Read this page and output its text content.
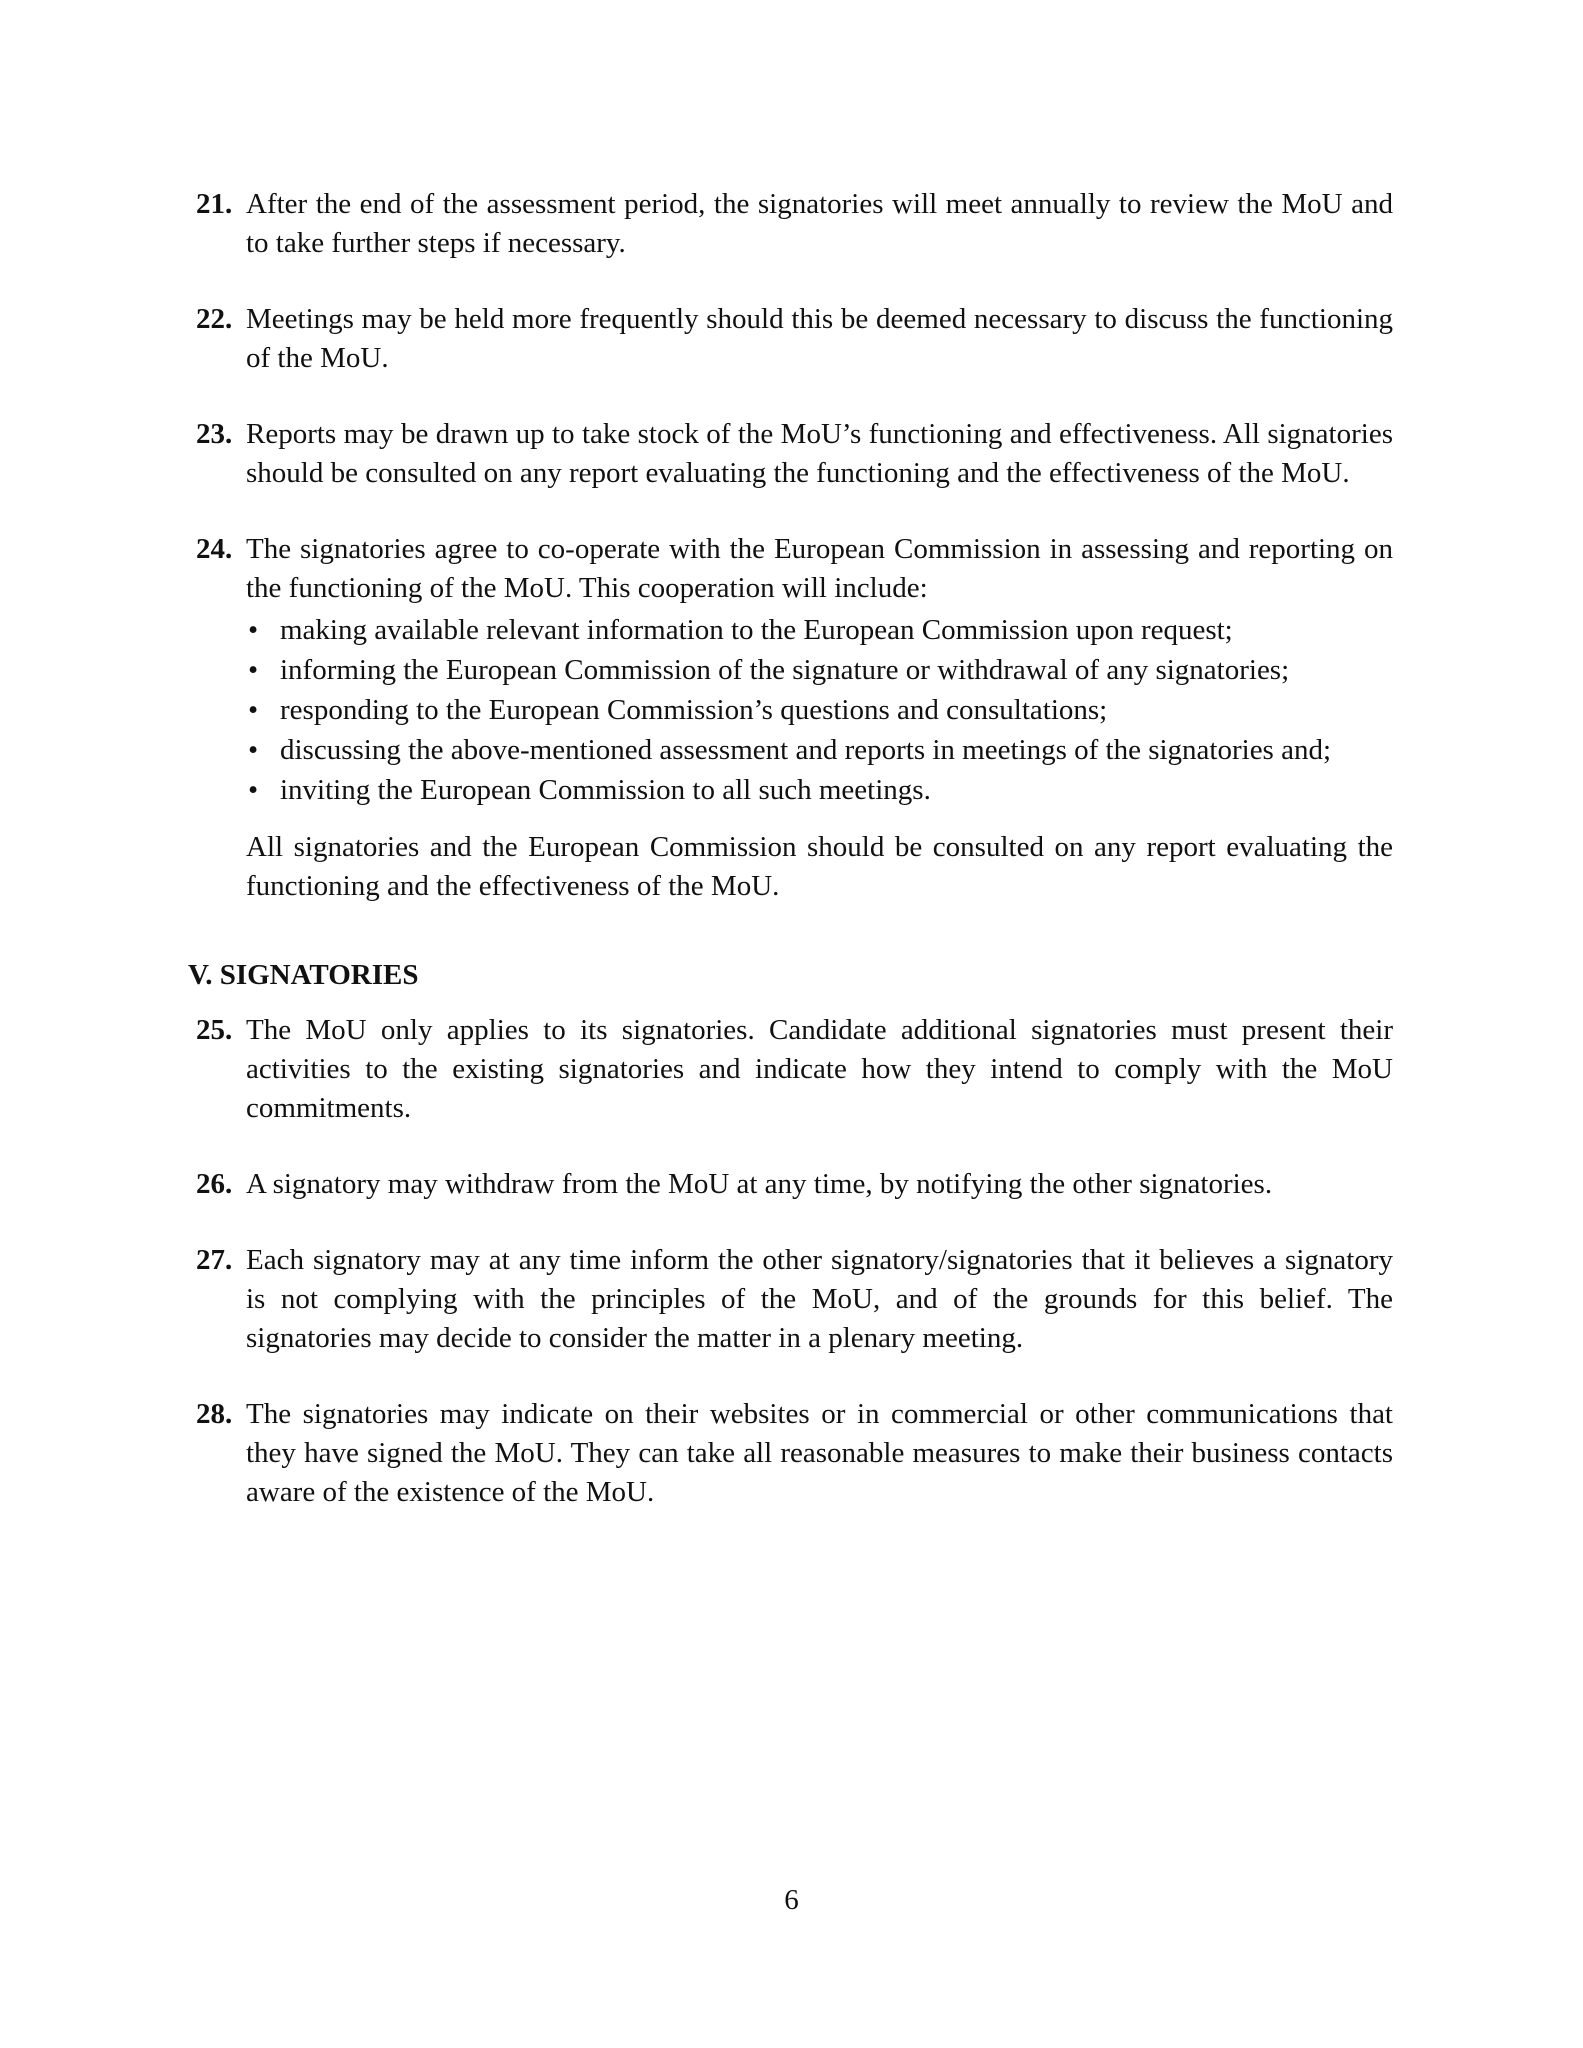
21. After the end of the assessment period, the signatories will meet annually to review the MoU and to take further steps if necessary.

22. Meetings may be held more frequently should this be deemed necessary to discuss the functioning of the MoU.

23. Reports may be drawn up to take stock of the MoU’s functioning and effectiveness. All signatories should be consulted on any report evaluating the functioning and the effectiveness of the MoU.

24. The signatories agree to co-operate with the European Commission in assessing and reporting on the functioning of the MoU. This cooperation will include:

• making available relevant information to the European Commission upon request;
• informing the European Commission of the signature or withdrawal of any signatories;
• responding to the European Commission’s questions and consultations;
• discussing the above-mentioned assessment and reports in meetings of the signatories and;
• inviting the European Commission to all such meetings.

All signatories and the European Commission should be consulted on any report evaluating the functioning and the effectiveness of the MoU.

V. SIGNATORIES
25. The MoU only applies to its signatories. Candidate additional signatories must present their activities to the existing signatories and indicate how they intend to comply with the MoU commitments.

26. A signatory may withdraw from the MoU at any time, by notifying the other signatories.

27. Each signatory may at any time inform the other signatory/signatories that it believes a signatory is not complying with the principles of the MoU, and of the grounds for this belief. The signatories may decide to consider the matter in a plenary meeting.

28. The signatories may indicate on their websites or in commercial or other communications that they have signed the MoU. They can take all reasonable measures to make their business contacts aware of the existence of the MoU.

6
